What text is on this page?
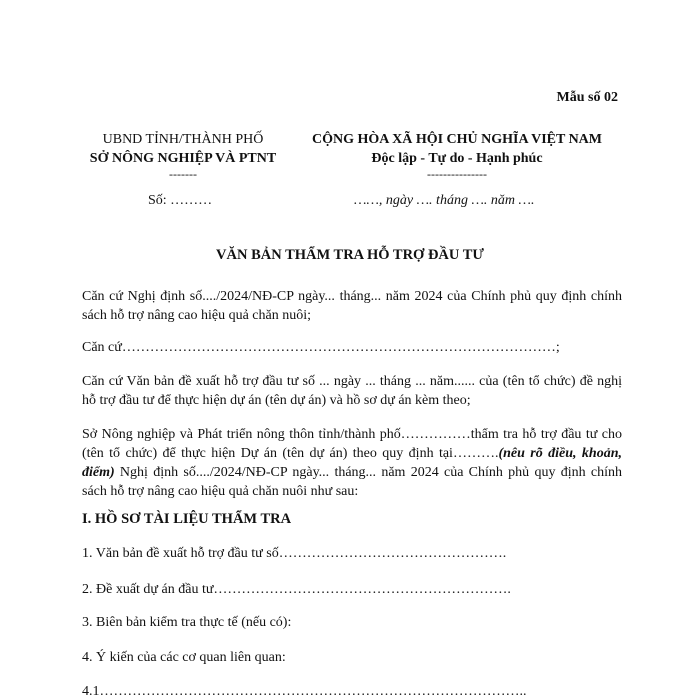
Mẫu số 02
UBND TỈNH/THÀNH PHỐ
SỞ NÔNG NGHIỆP VÀ PTNT
-------
CỘNG HÒA XÃ HỘI CHỦ NGHĨA VIỆT NAM
Độc lập - Tự do - Hạnh phúc
---------------
Số: ………	……, ngày …. tháng …. năm ….
VĂN BẢN THẨM TRA HỖ TRỢ ĐẦU TƯ
Căn cứ Nghị định số..../2024/NĐ-CP ngày... tháng... năm 2024 của Chính phủ quy định chính sách hỗ trợ nâng cao hiệu quả chăn nuôi;
Căn cứ…………………………………………………………………………………;
Căn cứ Văn bản đề xuất hỗ trợ đầu tư số ... ngày ... tháng ... năm...... của (tên tổ chức) đề nghị hỗ trợ đầu tư để thực hiện dự án (tên dự án) và hồ sơ dự án kèm theo;
Sở Nông nghiệp và Phát triển nông thôn tỉnh/thành phố……………thẩm tra hỗ trợ đầu tư cho (tên tổ chức) để thực hiện Dự án (tên dự án) theo quy định tại……….(nêu rõ điều, khoản, điểm) Nghị định số..../2024/NĐ-CP ngày... tháng... năm 2024 của Chính phủ quy định chính sách hỗ trợ nâng cao hiệu quả chăn nuôi như sau:
I. HỒ SƠ TÀI LIỆU THẨM TRA
1. Văn bản đề xuất hỗ trợ đầu tư số………………………………………….
2. Đề xuất dự án đầu tư……………………………………………………….
3. Biên bản kiểm tra thực tế (nếu có):
4. Ý kiến của các cơ quan liên quan:
4.1………………………………………………………………………………..
